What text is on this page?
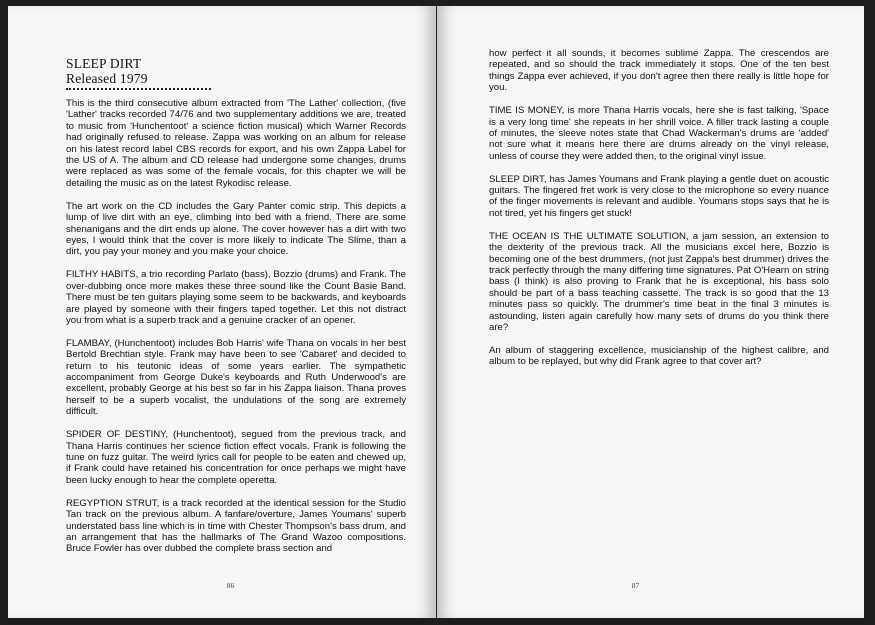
SLEEP DIRT
Released 1979

This is the third consecutive album extracted from 'The Lather' collection, (five 'Lather' tracks recorded 74/76 and two supplementary additions we are, treated to music from 'Hunchentoot' a science fiction musical) which Warner Records had originally refused to release. Zappa was working on an album for release on his latest record label CBS records for export, and his own Zappa Label for the US of A. The album and CD release had undergone some changes, drums were replaced as was some of the female vocals, for this chapter we will be detailing the music as on the latest Rykodisc release.

The art work on the CD includes the Gary Panter comic strip. This depicts a lump of live dirt with an eye, climbing into bed with a friend. There are some shenanigans and the dirt ends up alone. The cover however has a dirt with two eyes, I would think that the cover is more likely to indicate The Slime, than a dirt, you pay your money and you make your choice.

FILTHY HABITS, a trio recording Parlato (bass), Bozzio (drums) and Frank. The over-dubbing once more makes these three sound like the Count Basie Band. There must be ten guitars playing some seem to be backwards, and keyboards are played by someone with their fingers taped together. Let this not distract you from what is a superb track and a genuine cracker of an opener.

FLAMBAY, (Hunchentoot) includes Bob Harris' wife Thana on vocals in her best Bertold Brechtian style. Frank may have been to see 'Cabaret' and decided to return to his teutonic ideas of some years earlier. The sympathetic accompaniment from George Duke's keyboards and Ruth Underwood's are excellent, probably George at his best so far in his Zappa liaison. Thana proves herself to be a superb vocalist, the undulations of the song are extremely difficult.

SPIDER OF DESTINY, (Hunchentoot), segued from the previous track, and Thana Harris continues her science fiction effect vocals. Frank is following the tune on fuzz guitar. The weird lyrics call for people to be eaten and chewed up, if Frank could have retained his concentration for once perhaps we might have been lucky enough to hear the complete operetta.

REGYPTION STRUT, is a track recorded at the identical session for the Studio Tan track on the previous album. A fanfare/overture, James Youmans' superb understated bass line which is in time with Chester Thompson's bass drum, and an arrangement that has the hallmarks of The Grand Wazoo compositions. Bruce Fowler has over dubbed the complete brass section and

86

how perfect it all sounds, it becomes sublime Zappa. The crescendos are repeated, and so should the track immediately it stops. One of the ten best things Zappa ever achieved, if you don't agree then there really is little hope for you.

TIME IS MONEY, is more Thana Harris vocals, here she is fast talking, 'Space is a very long time' she repeats in her shrill voice. A filler track lasting a couple of minutes, the sleeve notes state that Chad Wackerman's drums are 'added' not sure what it means here there are drums already on the vinyl release, unless of course they were added then, to the original vinyl issue.

SLEEP DIRT, has James Youmans and Frank playing a gentle duet on acoustic guitars. The fingered fret work is very close to the microphone so every nuance of the finger movements is relevant and audible. Youmans stops says that he is not tired, yet his fingers get stuck!

THE OCEAN IS THE ULTIMATE SOLUTION, a jam session, an extension to the dexterity of the previous track. All the musicians excel here, Bozzio is becoming one of the best drummers, (not just Zappa's best drummer) drives the track perfectly through the many differing time signatures. Pat O'Hearn on string bass (I think) is also proving to Frank that he is exceptional, his bass solo should be part of a bass teaching cassette. The track is so good that the 13 minutes pass so quickly. The drummer's time beat in the final 3 minutes is astounding, listen again carefully how many sets of drums do you think there are?

An album of staggering excellence, musicianship of the highest calibre, and album to be replayed, but why did Frank agree to that cover art?

87
